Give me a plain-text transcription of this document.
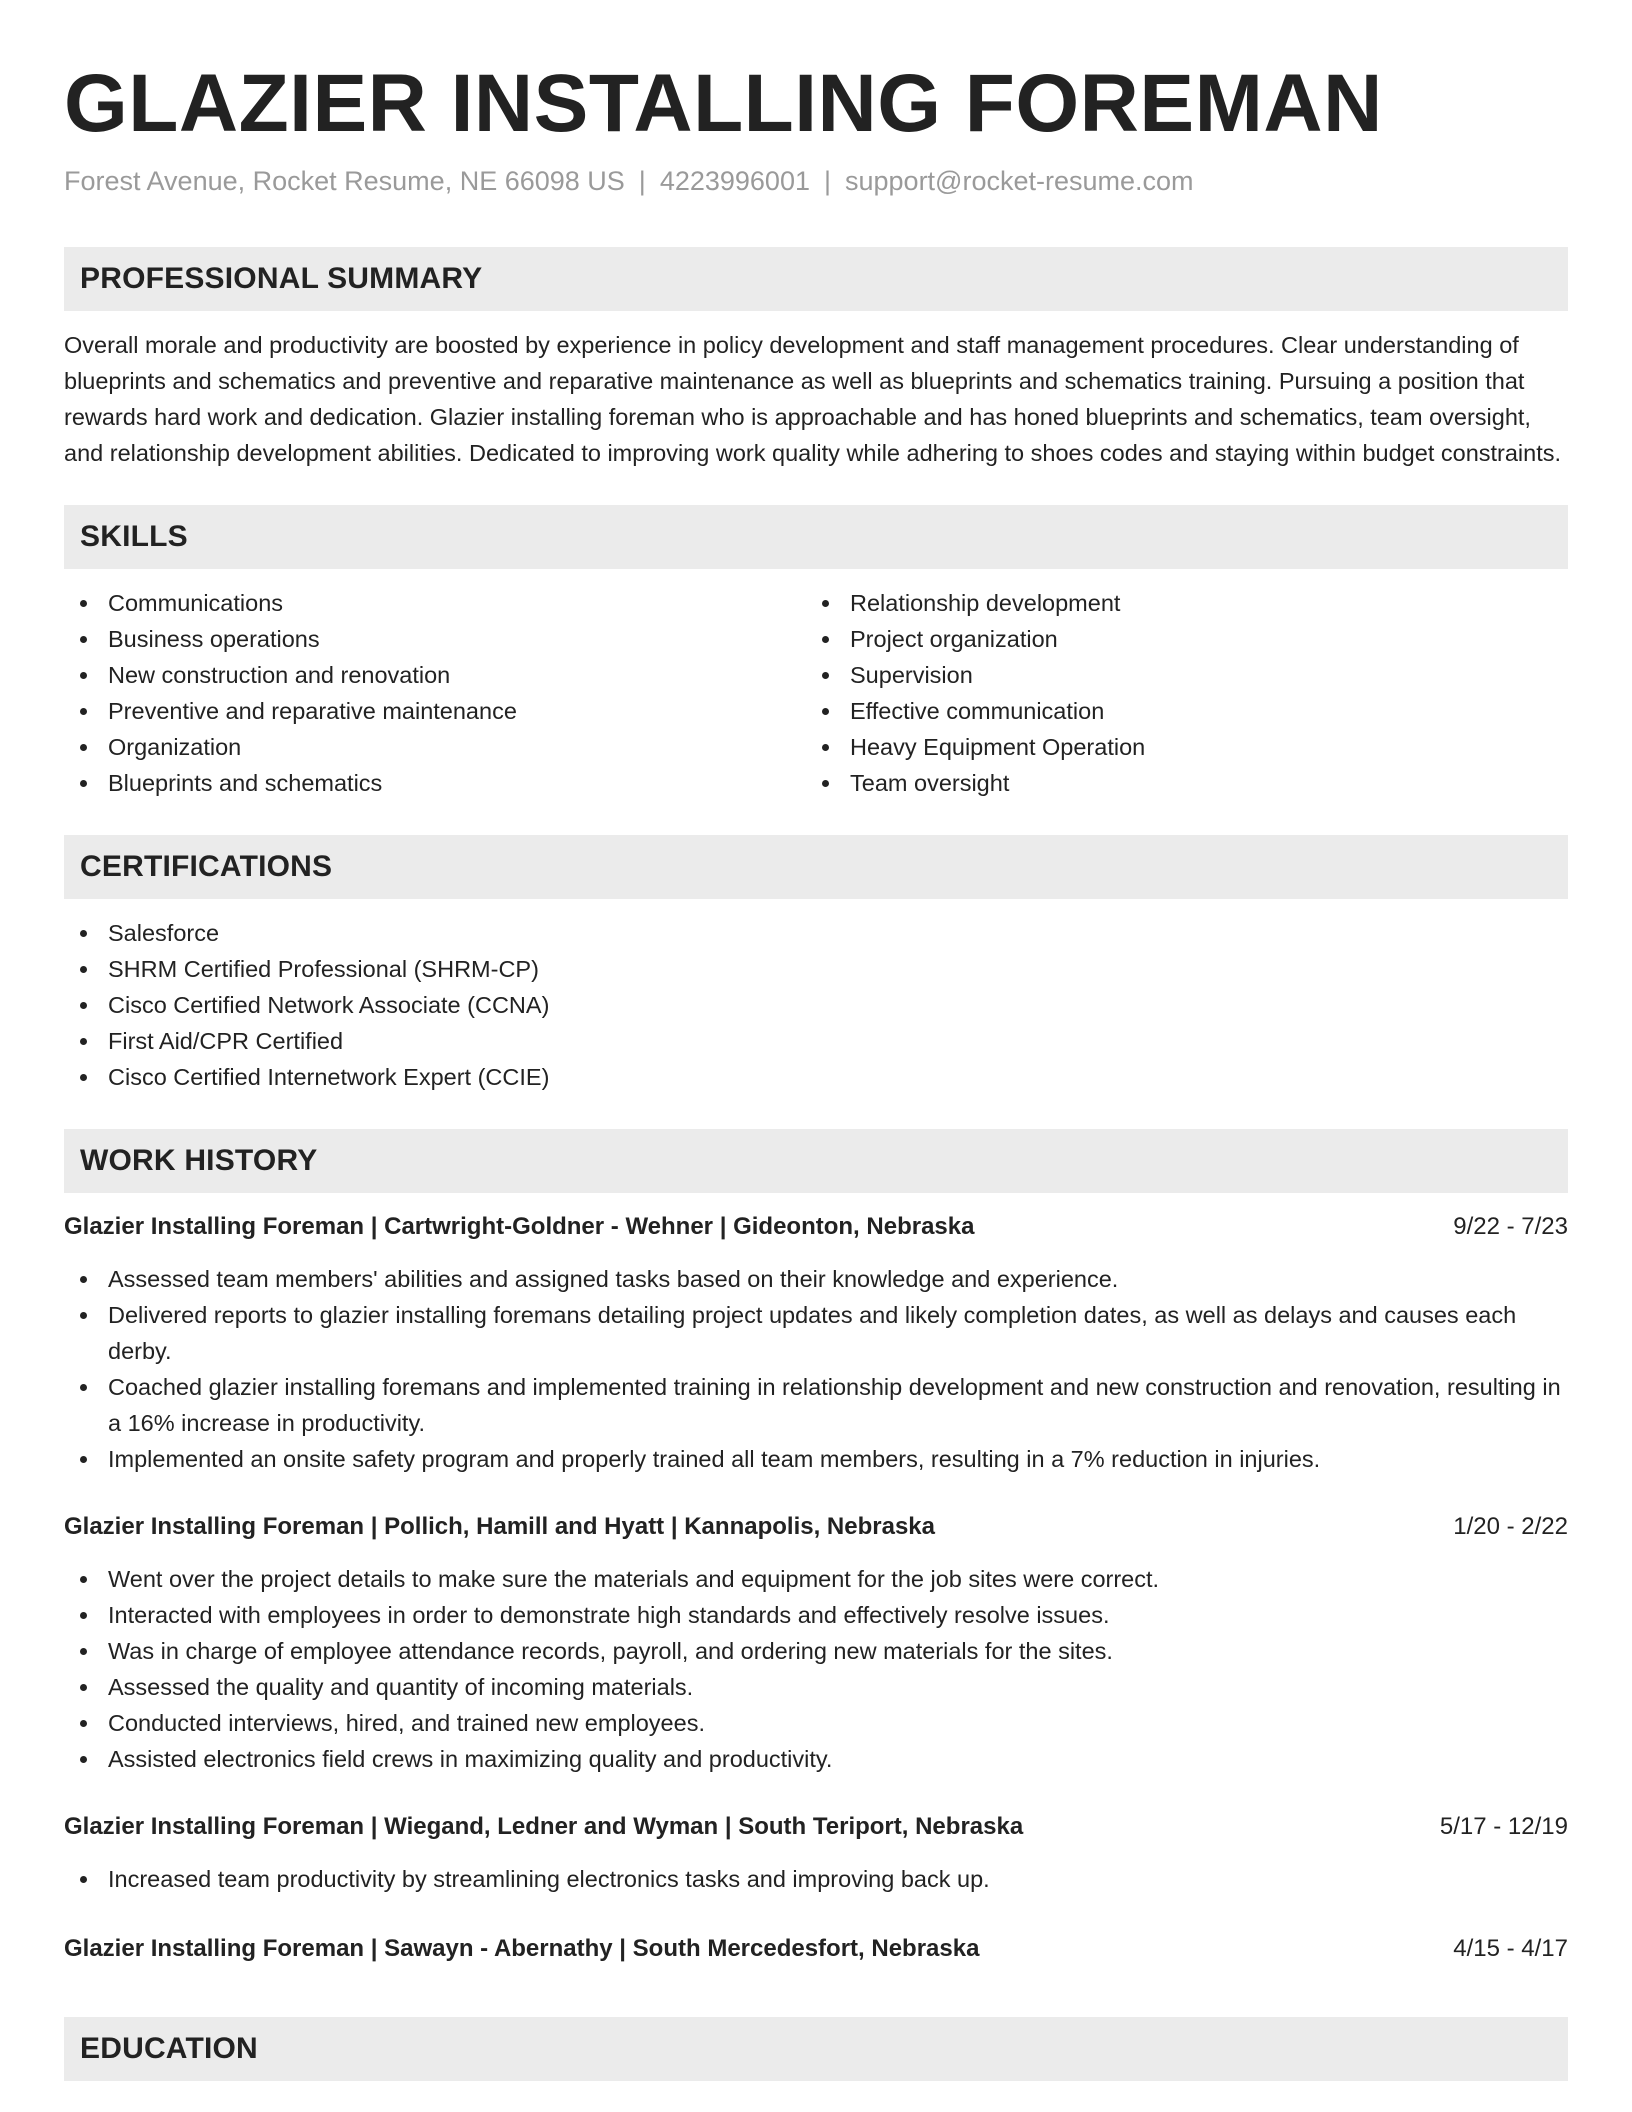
GLAZIER INSTALLING FOREMAN
Forest Avenue, Rocket Resume, NE 66098 US | 4223996001 | support@rocket-resume.com
PROFESSIONAL SUMMARY

Overall morale and productivity are boosted by experience in policy development and staff management procedures. Clear understanding of blueprints and schematics and preventive and reparative maintenance as well as blueprints and schematics training. Pursuing a position that rewards hard work and dedication. Glazier installing foreman who is approachable and has honed blueprints and schematics, team oversight, and relationship development abilities. Dedicated to improving work quality while adhering to shoes codes and staying within budget constraints.

SKILLS
Communications
Business operations
New construction and renovation
Preventive and reparative maintenance
Organization
Blueprints and schematics
Relationship development
Project organization
Supervision
Effective communication
Heavy Equipment Operation
Team oversight
CERTIFICATIONS
Salesforce
SHRM Certified Professional (SHRM-CP)
Cisco Certified Network Associate (CCNA)
First Aid/CPR Certified
Cisco Certified Internetwork Expert (CCIE)
WORK HISTORY
Glazier Installing Foreman | Cartwright-Goldner - Wehner | Gideonton, Nebraska	9/22 - 7/23
Assessed team members' abilities and assigned tasks based on their knowledge and experience.
Delivered reports to glazier installing foremans detailing project updates and likely completion dates, as well as delays and causes each derby.
Coached glazier installing foremans and implemented training in relationship development and new construction and renovation, resulting in a 16% increase in productivity.
Implemented an onsite safety program and properly trained all team members, resulting in a 7% reduction in injuries.
Glazier Installing Foreman | Pollich, Hamill and Hyatt | Kannapolis, Nebraska	1/20 - 2/22
Went over the project details to make sure the materials and equipment for the job sites were correct.
Interacted with employees in order to demonstrate high standards and effectively resolve issues.
Was in charge of employee attendance records, payroll, and ordering new materials for the sites.
Assessed the quality and quantity of incoming materials.
Conducted interviews, hired, and trained new employees.
Assisted electronics field crews in maximizing quality and productivity.
Glazier Installing Foreman | Wiegand, Ledner and Wyman | South Teriport, Nebraska	5/17 - 12/19
Increased team productivity by streamlining electronics tasks and improving back up.
Glazier Installing Foreman | Sawayn - Abernathy | South Mercedesfort, Nebraska	4/15 - 4/17
EDUCATION
